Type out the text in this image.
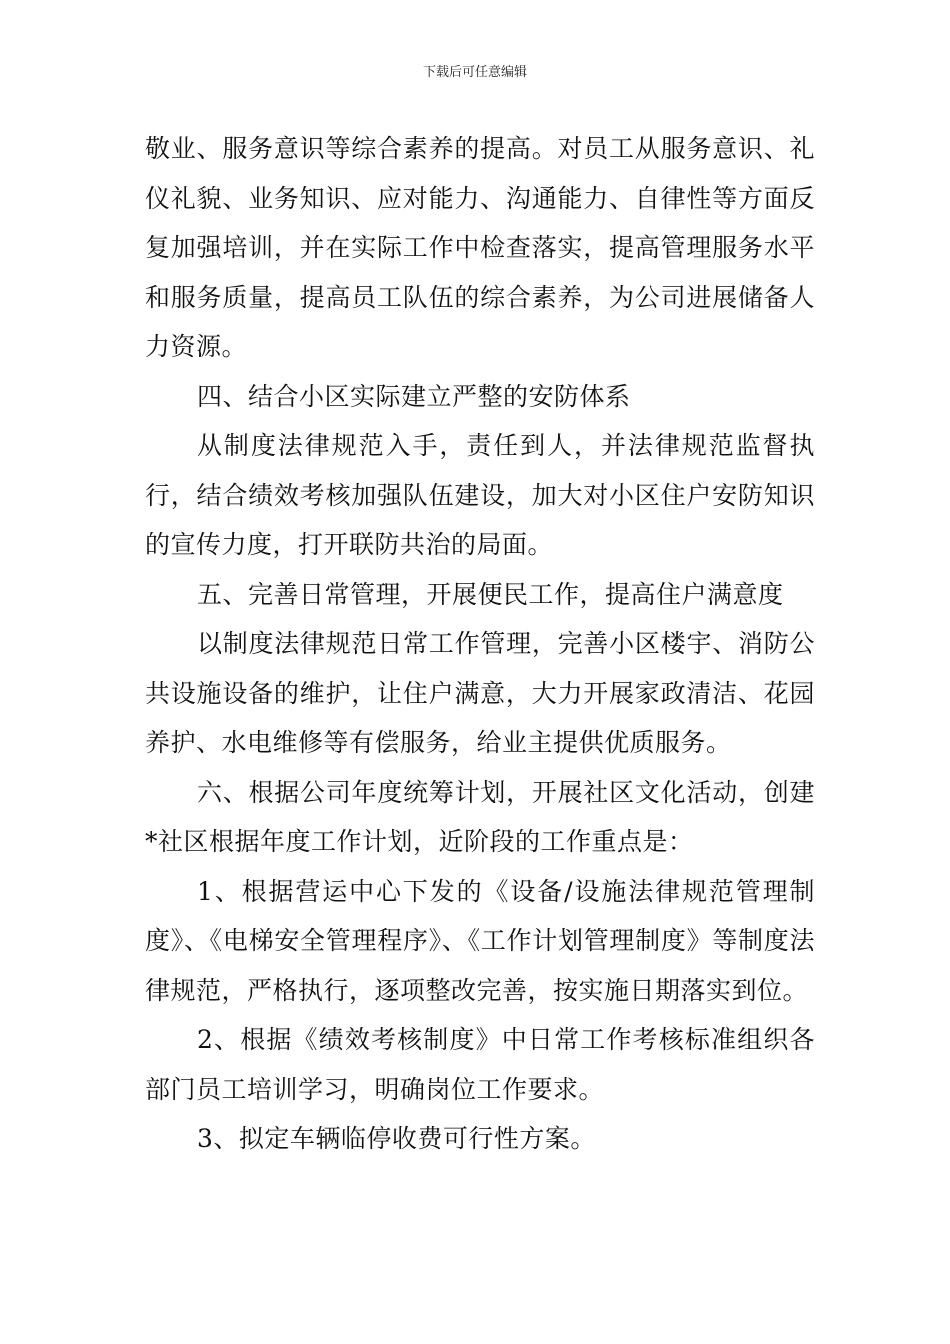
下载后可任意编辑

敬业、服务意识等综合素养的提高。对员工从服务意识、礼仪礼貌、业务知识、应对能力、沟通能力、自律性等方面反复加强培训，并在实际工作中检查落实，提高管理服务水平和服务质量，提高员工队伍的综合素养，为公司进展储备人力资源。

四、结合小区实际建立严整的安防体系

从制度法律规范入手，责任到人，并法律规范监督执行，结合绩效考核加强队伍建设，加大对小区住户安防知识的宣传力度，打开联防共治的局面。

五、完善日常管理，开展便民工作，提高住户满意度

以制度法律规范日常工作管理，完善小区楼宇、消防公共设施设备的维护，让住户满意，大力开展家政清洁、花园养护、水电维修等有偿服务，给业主提供优质服务。

六、根据公司年度统筹计划，开展社区文化活动，创建*社区根据年度工作计划，近阶段的工作重点是：

1、根据营运中心下发的《设备/设施法律规范管理制度》、《电梯安全管理程序》、《工作计划管理制度》等制度法律规范，严格执行，逐项整改完善，按实施日期落实到位。

2、根据《绩效考核制度》中日常工作考核标准组织各部门员工培训学习，明确岗位工作要求。

3、拟定车辆临停收费可行性方案。
